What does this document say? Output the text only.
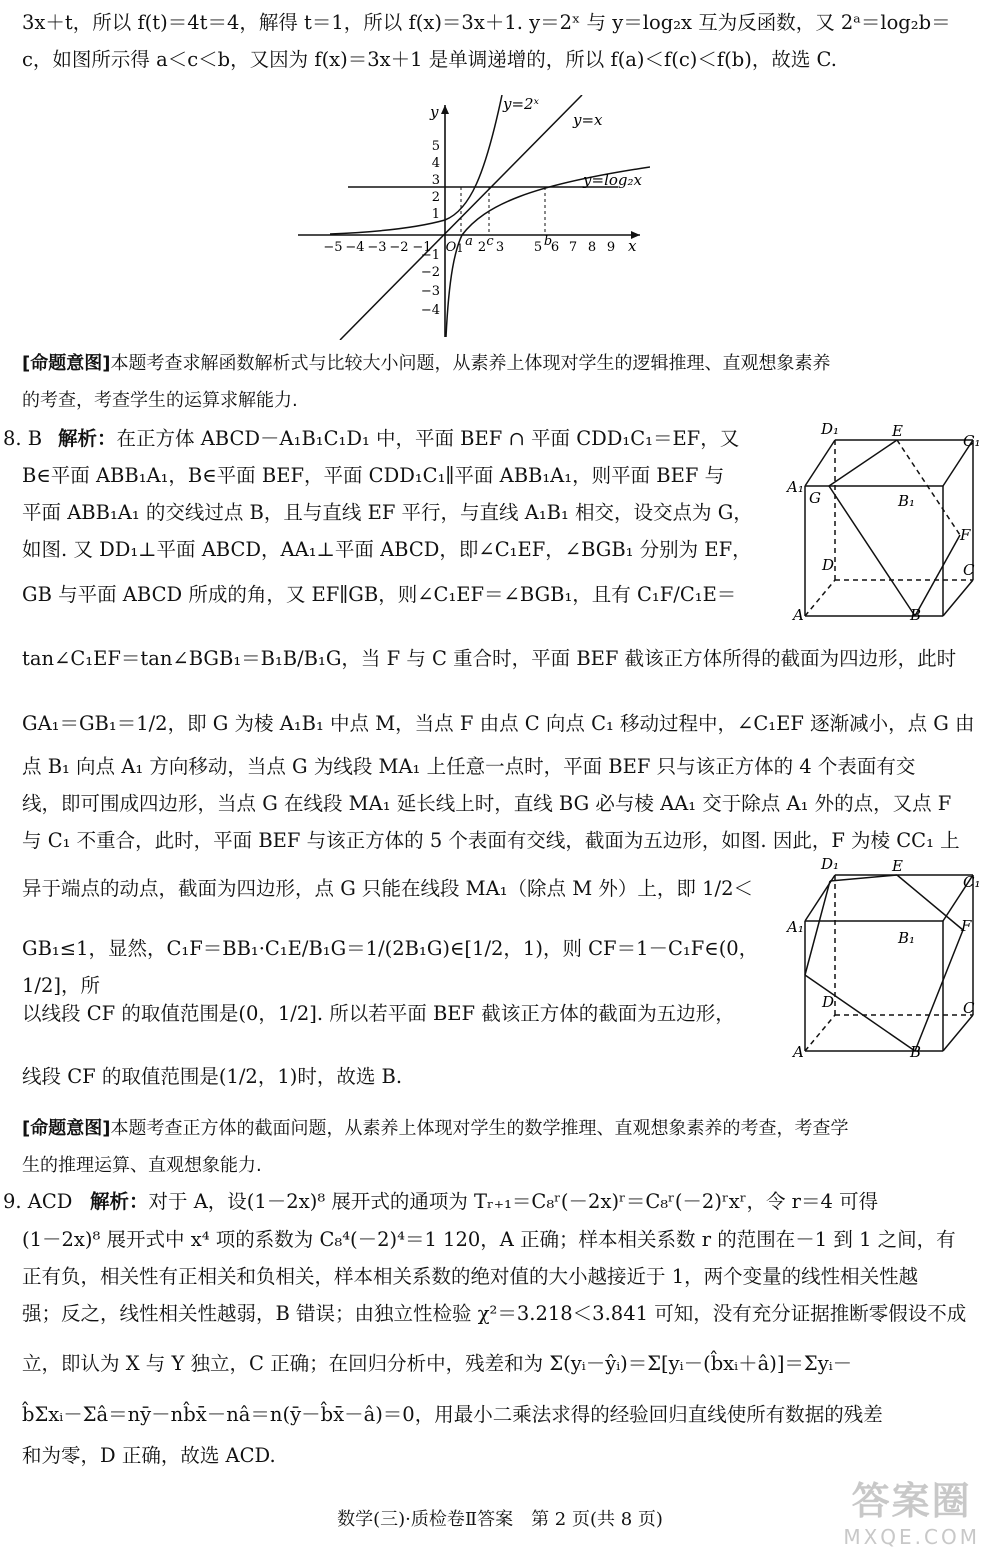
3x＋t，所以 f(t)＝4t＝4，解得 t＝1，所以 f(x)＝3x＋1. y＝2ˣ 与 y＝log₂x 互为反函数，又 2ᵃ＝log₂b＝

c，如图所示得 a＜c＜b，又因为 f(x)＝3x＋1 是单调递增的，所以 f(a)＜f(c)＜f(b)，故选 C.

x
y	y=2ˣ
y=x
y=log₂x
−5 −4 −3 −2 −1 O 1 a 2 c 3 5 b
6 7 8 9
5
4
3
2
1
−1
−2
−3
−4
[命题意图]本题考查求解函数解析式与比较大小问题，从素养上体现对学生的逻辑推理、直观想象素养
的考查，考查学生的运算求解能力.
8. B 解析：在正方体 ABCD－A₁B₁C₁D₁ 中，平面 BEF ∩ 平面 CDD₁C₁＝EF，又

B∈平面 ABB₁A₁，B∈平面 BEF，平面 CDD₁C₁∥平面 ABB₁A₁，则平面 BEF 与

平面 ABB₁A₁ 的交线过点 B，且与直线 EF 平行，与直线 A₁B₁ 相交，设交点为 G，

如图. 又 DD₁⊥平面 ABCD，AA₁⊥平面 ABCD，即∠C₁EF，∠BGB₁ 分别为 EF，

GB 与平面 ABCD 所成的角，又 EF∥GB，则∠C₁EF＝∠BGB₁，且有 C₁F/C₁E＝

tan∠C₁EF＝tan∠BGB₁＝B₁B/B₁G，当 F 与 C 重合时，平面 BEF 截该正方体所得的截面为四边形，此时

GA₁＝GB₁＝1/2，即 G 为棱 A₁B₁ 中点 M，当点 F 由点 C 向点 C₁ 移动过程中，∠C₁EF 逐渐减小，点 G 由

点 B₁ 向点 A₁ 方向移动，当点 G 为线段 MA₁ 上任意一点时，平面 BEF 只与该正方体的 4 个表面有交

线，即可围成四边形，当点 G 在线段 MA₁ 延长线上时，直线 BG 必与棱 AA₁ 交于除点 A₁ 外的点，又点 F

与 C₁ 不重合，此时，平面 BEF 与该正方体的 5 个表面有交线，截面为五边形，如图. 因此，F 为棱 CC₁ 上

异于端点的动点，截面为四边形，点 G 只能在线段 MA₁（除点 M 外）上，即 1/2＜

GB₁≤1，显然，C₁F＝BB₁·C₁E/B₁G＝1/(2B₁G)∈[1/2，1)，则 CF＝1－C₁F∈(0，1/2]，所

以线段 CF 的取值范围是(0，1/2]. 所以若平面 BEF 截该正方体的截面为五边形，

线段 CF 的取值范围是(1/2，1)时，故选 B.

D₁	E
C₁
A₁
G	B₁
F
D	C
A	B
D₁	E
C₁
A₁
B₁
F
D	C
A	B
[命题意图]本题考查正方体的截面问题，从素养上体现对学生的数学推理、直观想象素养的考查，考查学
生的推理运算、直观想象能力.
9. ACD 解析：对于 A，设(1－2x)⁸ 展开式的通项为 Tᵣ₊₁＝C₈ʳ(－2x)ʳ＝C₈ʳ(－2)ʳxʳ，令 r＝4 可得

(1－2x)⁸ 展开式中 x⁴ 项的系数为 C₈⁴(－2)⁴＝1 120，A 正确；样本相关系数 r 的范围在－1 到 1 之间，有

正有负，相关性有正相关和负相关，样本相关系数的绝对值的大小越接近于 1，两个变量的线性相关性越

强；反之，线性相关性越弱，B 错误；由独立性检验 χ²＝3.218＜3.841 可知，没有充分证据推断零假设不成

立，即认为 X 与 Y 独立，C 正确；在回归分析中，残差和为 Σ(yᵢ－ŷᵢ)＝Σ[yᵢ－(b̂xᵢ＋â)]＝Σyᵢ－

b̂Σxᵢ－Σâ＝nȳ－nb̂x̄－nâ＝n(ȳ－b̂x̄－â)＝0，用最小二乘法求得的经验回归直线使所有数据的残差

和为零，D 正确，故选 ACD.

数学(三)·质检卷Ⅱ答案　第 2 页(共 8 页)	答案圈
MXQE.COM
